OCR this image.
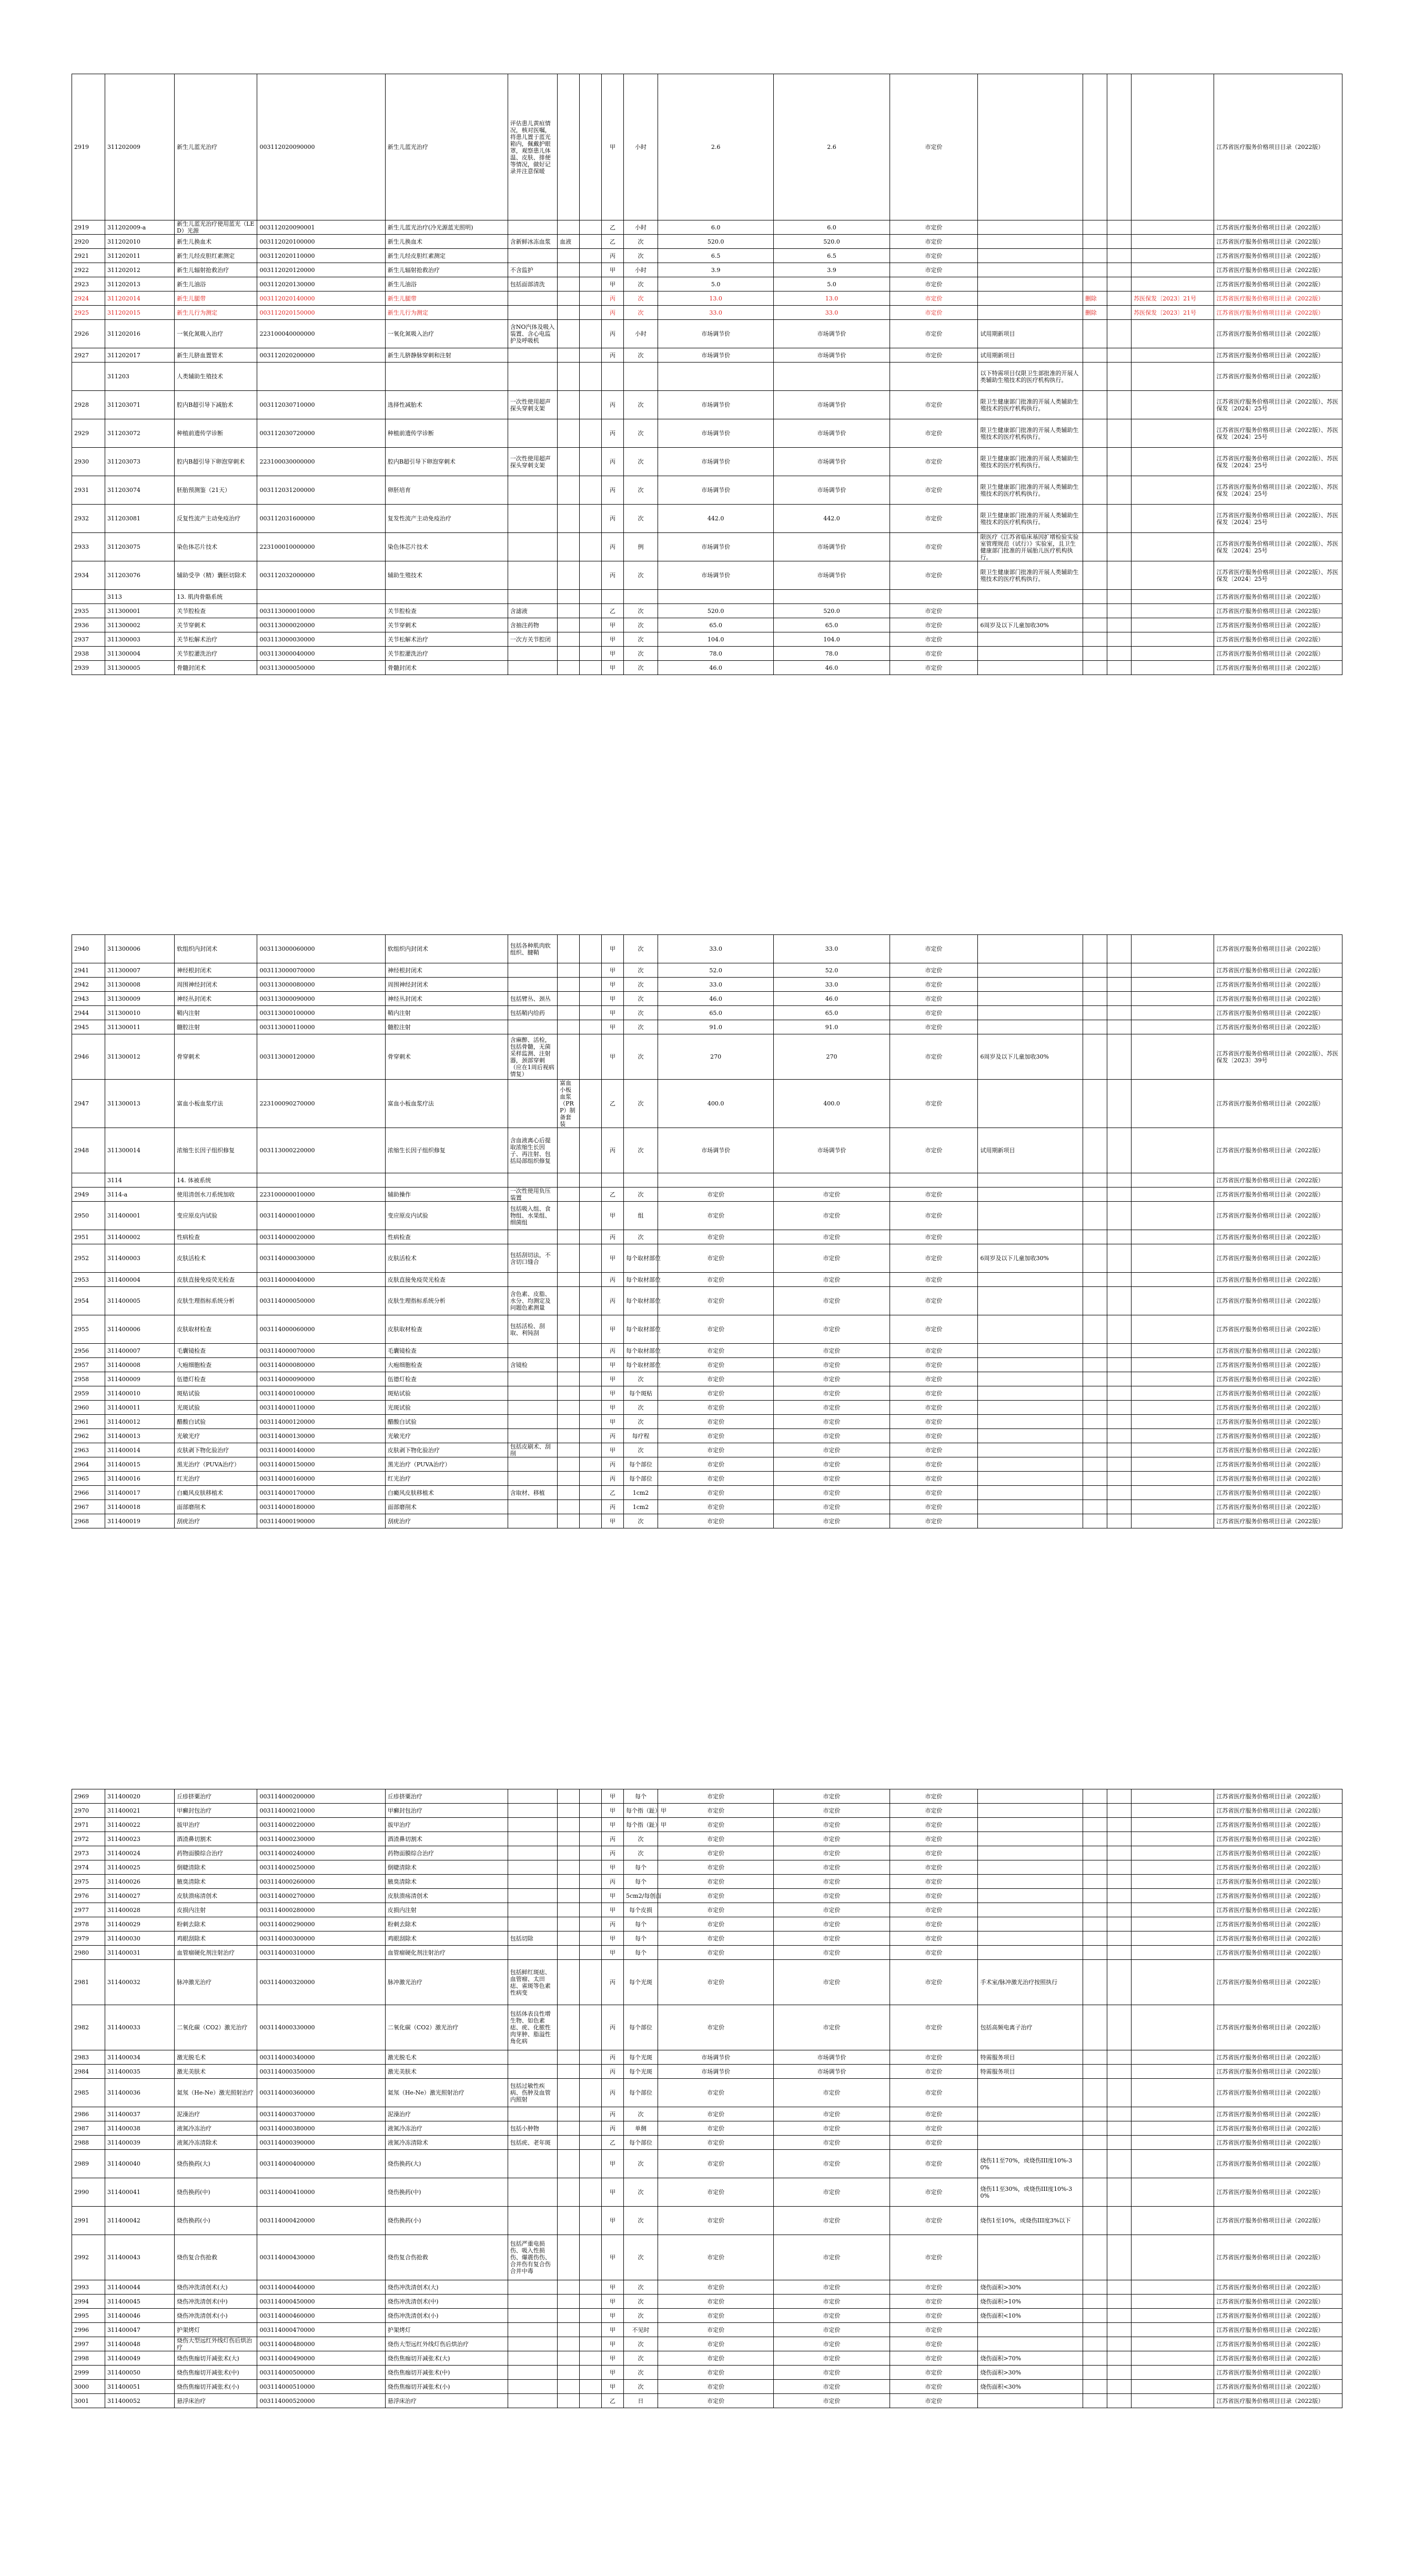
2919	311202009	新生儿蓝光治疗	003112020090000	新生儿蓝光治疗	评估患儿黄疸情况，核对医嘱，将患儿置于蓝光箱内，佩戴护眼罩，观察患儿体温、皮肤、排便等情况，做好记录并注意保暖			甲	小时	2.6	2.6	市定价					江苏省医疗服务价格项目目录（2022版）
2919	311202009-a	新生儿蓝光治疗使用蓝光（LED）光源	003112020090001	新生儿蓝光治疗(冷光源蓝光照明)				乙	小时	6.0	6.0	市定价					江苏省医疗服务价格项目目录（2022版）
2920	311202010	新生儿换血术	003112020100000	新生儿换血术	含新鲜冰冻血浆	血液		乙	次	520.0	520.0	市定价					江苏省医疗服务价格项目目录（2022版）
2921	311202011	新生儿经皮胆红素测定	003112020110000	新生儿经皮胆红素测定				丙	次	6.5	6.5	市定价					江苏省医疗服务价格项目目录（2022版）
2922	311202012	新生儿辐射抢救治疗	003112020120000	新生儿辐射抢救治疗	不含监护			甲	小时	3.9	3.9	市定价					江苏省医疗服务价格项目目录（2022版）
2923	311202013	新生儿油浴	003112020130000	新生儿油浴	包括面部清洗			甲	次	5.0	5.0	市定价					江苏省医疗服务价格项目目录（2022版）
2924	311202014	新生儿腿带	003112020140000	新生儿腿带				丙	次	13.0	13.0	市定价		删除		苏医保发〔2023〕21号	江苏省医疗服务价格项目目录（2022版）
2925	311202015	新生儿行为测定	003112020150000	新生儿行为测定				丙	次	33.0	33.0	市定价		删除		苏医保发〔2023〕21号	江苏省医疗服务价格项目目录（2022版）
2926	311202016	一氧化氮吸入治疗	223100040000000	一氧化氮吸入治疗	含NO汽体及吸入装置、含心电监护及呼吸机			丙	小时	市场调节价	市场调节价	市定价	试用期新项目				江苏省医疗服务价格项目目录（2022版）
2927	311202017	新生儿脐血置管术	003112020200000	新生儿脐静脉穿刺和注射				丙	次	市场调节价	市场调节价	市定价	试用期新项目				江苏省医疗服务价格项目目录（2022版）
	311203	人类辅助生殖技术											以下特需项目仅限卫生部批准的开展人类辅助生殖技术的医疗机构执行。				江苏省医疗服务价格项目目录（2022版）
2928	311203071	腔内B超引导下减胎术	003112030710000	选择性减胎术	一次性使用超声探头穿刺支架			丙	次	市场调节价	市场调节价	市定价	限卫生健康部门批准的开展人类辅助生殖技术的医疗机构执行。				江苏省医疗服务价格项目目录（2022版）、苏医保发〔2024〕25号
2929	311203072	种植前遗传学诊断	003112030720000	种植前遗传学诊断				丙	次	市场调节价	市场调节价	市定价	限卫生健康部门批准的开展人类辅助生殖技术的医疗机构执行。				江苏省医疗服务价格项目目录（2022版）、苏医保发〔2024〕25号
2930	311203073	腔内B超引导下卵泡穿刺术	223100030000000	腔内B超引导下卵泡穿刺术	一次性使用超声探头穿刺支架			丙	次	市场调节价	市场调节价	市定价	限卫生健康部门批准的开展人类辅助生殖技术的医疗机构执行。				江苏省医疗服务价格项目目录（2022版）、苏医保发〔2024〕25号
2931	311203074	胚胎预测鉴（21天）	003112031200000	卵胚培育				丙	次	市场调节价	市场调节价	市定价	限卫生健康部门批准的开展人类辅助生殖技术的医疗机构执行。				江苏省医疗服务价格项目目录（2022版）、苏医保发〔2024〕25号
2932	311203081	反复性流产主动免疫治疗	003112031600000	复发性流产主动免疫治疗				丙	次	442.0	442.0	市定价	限卫生健康部门批准的开展人类辅助生殖技术的医疗机构执行。				江苏省医疗服务价格项目目录（2022版）、苏医保发〔2024〕25号
2933	311203075	染色体芯片技术	223100010000000	染色体芯片技术				丙	例	市场调节价	市场调节价	市定价	限医疗《江苏省临床基因扩增检验实验室管理规范（试行）》实验室，且卫生健康部门批准的开展胎儿医疗机构执行。				江苏省医疗服务价格项目目录（2022版）、苏医保发〔2024〕25号
2934	311203076	辅助受孕（精）囊胚切除术	003112032000000	辅助生殖技术				丙	次	市场调节价	市场调节价	市定价	限卫生健康部门批准的开展人类辅助生殖技术的医疗机构执行。				江苏省医疗服务价格项目目录（2022版）、苏医保发〔2024〕25号
	3113	13. 肌肉骨骼系统															江苏省医疗服务价格项目目录（2022版）
2935	311300001	关节腔检查	003113000010000	关节腔检查	含滤液			乙	次	520.0	520.0	市定价					江苏省医疗服务价格项目目录（2022版）
2936	311300002	关节穿刺术	003113000020000	关节穿刺术	含抽注药物			甲	次	65.0	65.0	市定价	6周岁及以下儿童加收30%				江苏省医疗服务价格项目目录（2022版）
2937	311300003	关节松解术治疗	003113000030000	关节松解术治疗	一次方关节腔闭			甲	次	104.0	104.0	市定价					江苏省医疗服务价格项目目录（2022版）
2938	311300004	关节腔灌洗治疗	003113000040000	关节腔灌洗治疗				甲	次	78.0	78.0	市定价					江苏省医疗服务价格项目目录（2022版）
2939	311300005	骨髓封闭术	003113000050000	骨髓封闭术				甲	次	46.0	46.0	市定价					江苏省医疗服务价格项目目录（2022版）
2940	311300006	软组织内封闭术	003113000060000	软组织内封闭术	包括各种肌肉软组织、腱鞘			甲	次	33.0	33.0	市定价					江苏省医疗服务价格项目目录（2022版）
2941	311300007	神经根封闭术	003113000070000	神经根封闭术				甲	次	52.0	52.0	市定价					江苏省医疗服务价格项目目录（2022版）
2942	311300008	周围神经封闭术	003113000080000	周围神经封闭术				甲	次	33.0	33.0	市定价					江苏省医疗服务价格项目目录（2022版）
2943	311300009	神经丛封闭术	003113000090000	神经丛封闭术	包括臂丛、颈丛			甲	次	46.0	46.0	市定价					江苏省医疗服务价格项目目录（2022版）
2944	311300010	鞘内注射	003113000100000	鞘内注射	包括鞘内给药			甲	次	65.0	65.0	市定价					江苏省医疗服务价格项目目录（2022版）
2945	311300011	髓腔注射	003113000110000	髓腔注射				甲	次	91.0	91.0	市定价					江苏省医疗服务价格项目目录（2022版）
2946	311300012	骨穿刺术	003113000120000	骨穿刺术	含麻醉、活检，包括骨髓，无菌采样监测、注射器，颈部穿刺（应在1周后视病情复）			甲	次	270	270	市定价	6周岁及以下儿童加收30%				江苏省医疗服务价格项目目录（2022版）、苏医保发〔2023〕39号
2947	311300013	富血小板血浆疗法	223100090270000	富血小板血浆疗法		富血小板血浆（PRP）制备套装		乙	次	400.0	400.0	市定价					江苏省医疗服务价格项目目录（2022版）
2948	311300014	浓缩生长因子组织修复	003113000220000	浓缩生长因子组织修复	含血液离心后提取浓缩生长因子、再注射、包括局部组织修复			丙	次	市场调节价	市场调节价	市定价	试用期新项目				江苏省医疗服务价格项目目录（2022版）
	3114	14. 体被系统															江苏省医疗服务价格项目目录（2022版）
2949	3114-a	使用清创水刀系统加收	223100000010000	辅助操作	一次性使用负压装置			乙	次	市定价	市定价	市定价					江苏省医疗服务价格项目目录（2022版）
2950	311400001	变应原皮内试验	003114000010000	变应原皮内试验	包括吸入组、食物组、水果组、细菌组			甲	组	市定价	市定价	市定价					江苏省医疗服务价格项目目录（2022版）
2951	311400002	性病检查	003114000020000	性病检查				丙	次	市定价	市定价	市定价					江苏省医疗服务价格项目目录（2022版）
2952	311400003	皮肤活检术	003114000030000	皮肤活检术	包括刮切法，不含切口缝合			甲	每个取材部位	市定价	市定价	市定价	6周岁及以下儿童加收30%				江苏省医疗服务价格项目目录（2022版）
2953	311400004	皮肤直接免疫荧光检查	003114000040000	皮肤直接免疫荧光检查				丙	每个取材部位	市定价	市定价	市定价					江苏省医疗服务价格项目目录（2022版）
2954	311400005	皮肤生理指标系统分析	003114000050000	皮肤生理指标系统分析	含色素、皮脂、水分、均测定及问题色素测量			丙	每个取材部位	市定价	市定价	市定价					江苏省医疗服务价格项目目录（2022版）
2955	311400006	皮肤取材检查	003114000060000	皮肤取材检查	包括活检、刮取、利钝刮			甲	每个取材部位	市定价	市定价	市定价					江苏省医疗服务价格项目目录（2022版）
2956	311400007	毛囊镜检查	003114000070000	毛囊镜检查				丙	每个取材部位	市定价	市定价	市定价					江苏省医疗服务价格项目目录（2022版）
2957	311400008	大疱细胞检查	003114000080000	大疱细胞检查	含镜检			甲	每个取材部位	市定价	市定价	市定价					江苏省医疗服务价格项目目录（2022版）
2958	311400009	伍德灯检查	003114000090000	伍德灯检查				甲	次	市定价	市定价	市定价					江苏省医疗服务价格项目目录（2022版）
2959	311400010	斑贴试验	003114000100000	斑贴试验				甲	每个斑贴	市定价	市定价	市定价					江苏省医疗服务价格项目目录（2022版）
2960	311400011	光斑试验	003114000110000	光斑试验				甲	次	市定价	市定价	市定价					江苏省医疗服务价格项目目录（2022版）
2961	311400012	醋酸白试验	003114000120000	醋酸白试验				甲	次	市定价	市定价	市定价					江苏省医疗服务价格项目目录（2022版）
2962	311400013	光敏光疗	003114000130000	光敏光疗				丙	每疗程	市定价	市定价	市定价					江苏省医疗服务价格项目目录（2022版）
2963	311400014	皮肤剥下物化验治疗	003114000140000	皮肤剥下物化验治疗	包括皮刷术、刮削			甲	次	市定价	市定价	市定价					江苏省医疗服务价格项目目录（2022版）
2964	311400015	黑光治疗（PUVA治疗）	003114000150000	黑光治疗（PUVA治疗）				丙	每个部位	市定价	市定价	市定价					江苏省医疗服务价格项目目录（2022版）
2965	311400016	红光治疗	003114000160000	红光治疗				丙	每个部位	市定价	市定价	市定价					江苏省医疗服务价格项目目录（2022版）
2966	311400017	白癜风皮肤移植术	003114000170000	白癜风皮肤移植术	含取材、移植			乙	1cm2	市定价	市定价	市定价					江苏省医疗服务价格项目目录（2022版）
2967	311400018	面部磨削术	003114000180000	面部磨削术				丙	1cm2	市定价	市定价	市定价					江苏省医疗服务价格项目目录（2022版）
2968	311400019	刮疣治疗	003114000190000	刮疣治疗				甲	次	市定价	市定价	市定价					江苏省医疗服务价格项目目录（2022版）
2969	311400020	丘疹挤粟治疗	003114000200000	丘疹挤粟治疗				甲	每个	市定价	市定价	市定价					江苏省医疗服务价格项目目录（2022版）
2970	311400021	甲癣封包治疗	003114000210000	甲癣封包治疗				甲	每个指（趾）甲	市定价	市定价	市定价					江苏省医疗服务价格项目目录（2022版）
2971	311400022	拔甲治疗	003114000220000	拔甲治疗				甲	每个指（趾）甲	市定价	市定价	市定价					江苏省医疗服务价格项目目录（2022版）
2972	311400023	酒渣鼻切割术	003114000230000	酒渣鼻切割术				丙	次	市定价	市定价	市定价					江苏省医疗服务价格项目目录（2022版）
2973	311400024	药物面膜综合治疗	003114000240000	药物面膜综合治疗				丙	次	市定价	市定价	市定价					江苏省医疗服务价格项目目录（2022版）
2974	311400025	倒睫清除术	003114000250000	倒睫清除术				甲	每个	市定价	市定价	市定价					江苏省医疗服务价格项目目录（2022版）
2975	311400026	腋臭清除术	003114000260000	腋臭清除术				丙	每个	市定价	市定价	市定价					江苏省医疗服务价格项目目录（2022版）
2976	311400027	皮肤溃疡清创术	003114000270000	皮肤溃疡清创术				甲	5cm2/每创面	市定价	市定价	市定价					江苏省医疗服务价格项目目录（2022版）
2977	311400028	皮损内注射	003114000280000	皮损内注射				甲	每个皮损	市定价	市定价	市定价					江苏省医疗服务价格项目目录（2022版）
2978	311400029	粉刺去除术	003114000290000	粉刺去除术				丙	每个	市定价	市定价	市定价					江苏省医疗服务价格项目目录（2022版）
2979	311400030	鸡眼刮除术	003114000300000	鸡眼刮除术	包括切除			甲	每个	市定价	市定价	市定价					江苏省医疗服务价格项目目录（2022版）
2980	311400031	血管瘤硬化剂注射治疗	003114000310000	血管瘤硬化剂注射治疗				甲	每个	市定价	市定价	市定价					江苏省医疗服务价格项目目录（2022版）
2981	311400032	脉冲激光治疗	003114000320000	脉冲激光治疗	包括鲜红斑痣、血管瘤、太田痣、雀斑等色素性病变			丙	每个光斑	市定价	市定价	市定价	手术室/脉冲激光治疗按照执行				江苏省医疗服务价格项目目录（2022版）
2982	311400033	二氧化碳（CO2）激光治疗	003114000330000	二氧化碳（CO2）激光治疗	包括体表良性增生物、如色素痣、疣、化脓性肉芽肿、脂溢性角化病			丙	每个部位	市定价	市定价	市定价	包括高频电离子治疗				江苏省医疗服务价格项目目录（2022版）
2983	311400034	激光脱毛术	003114000340000	激光脱毛术				丙	每个光斑	市场调节价	市场调节价	市定价	特需服务项目				江苏省医疗服务价格项目目录（2022版）
2984	311400035	激光美肤术	003114000350000	激光美肤术				丙	每个光斑	市场调节价	市场调节价	市定价	特需服务项目				江苏省医疗服务价格项目目录（2022版）
2985	311400036	氦氖（He-Ne）激光照射治疗	003114000360000	氦氖（He-Ne）激光照射治疗	包括过敏性疾病、伤肿及血管内照射			丙	每个部位	市定价	市定价	市定价					江苏省医疗服务价格项目目录（2022版）
2986	311400037	泥澡治疗	003114000370000	泥澡治疗				丙	次	市定价	市定价	市定价					江苏省医疗服务价格项目目录（2022版）
2987	311400038	液氮冷冻治疗	003114000380000	液氮冷冻治疗	包括小肿物			丙	单侧	市定价	市定价	市定价					江苏省医疗服务价格项目目录（2022版）
2988	311400039	液氮冷冻清除术	003114000390000	液氮冷冻清除术	包括疣、老年斑			乙	每个部位	市定价	市定价	市定价					江苏省医疗服务价格项目目录（2022版）
2989	311400040	烧伤换药(大)	003114000400000	烧伤换药(大)				甲	次	市定价	市定价	市定价	烧伤11至70%，或烧伤III度10%-30%				江苏省医疗服务价格项目目录（2022版）
2990	311400041	烧伤换药(中)	003114000410000	烧伤换药(中)				甲	次	市定价	市定价	市定价	烧伤11至30%，或烧伤III度10%-30%				江苏省医疗服务价格项目目录（2022版）
2991	311400042	烧伤换药(小)	003114000420000	烧伤换药(小)				甲	次	市定价	市定价	市定价	烧伤1至10%，或烧伤III度3%以下				江苏省医疗服务价格项目目录（2022版）
2992	311400043	烧伤复合伤抢救	003114000430000	烧伤复合伤抢救	包括严重电损伤、吸入性损伤、爆震伤伤、合并伤有复合伤合并中毒			甲	次	市定价	市定价	市定价					江苏省医疗服务价格项目目录（2022版）
2993	311400044	烧伤冲洗清创术(大)	003114000440000	烧伤冲洗清创术(大)				甲	次	市定价	市定价	市定价	烧伤面积>30%				江苏省医疗服务价格项目目录（2022版）
2994	311400045	烧伤冲洗清创术(中)	003114000450000	烧伤冲洗清创术(中)				甲	次	市定价	市定价	市定价	烧伤面积>10%				江苏省医疗服务价格项目目录（2022版）
2995	311400046	烧伤冲洗清创术(小)	003114000460000	烧伤冲洗清创术(小)				甲	次	市定价	市定价	市定价	烧伤面积<10%				江苏省医疗服务价格项目目录（2022版）
2996	311400047	护架烤灯	003114000470000	护架烤灯				甲	不见时	市定价	市定价	市定价					江苏省医疗服务价格项目目录（2022版）
2997	311400048	烧伤大型远红外线灯伤后烘治疗	003114000480000	烧伤大型远红外线灯伤后烘治疗				甲	次	市定价	市定价	市定价					江苏省医疗服务价格项目目录（2022版）
2998	311400049	烧伤焦痂切开减张术(大)	003114000490000	烧伤焦痂切开减张术(大)				甲	次	市定价	市定价	市定价	烧伤面积>70%				江苏省医疗服务价格项目目录（2022版）
2999	311400050	烧伤焦痂切开减张术(中)	003114000500000	烧伤焦痂切开减张术(中)				甲	次	市定价	市定价	市定价	烧伤面积>30%				江苏省医疗服务价格项目目录（2022版）
3000	311400051	烧伤焦痂切开减张术(小)	003114000510000	烧伤焦痂切开减张术(小)				甲	次	市定价	市定价	市定价	烧伤面积<30%				江苏省医疗服务价格项目目录（2022版）
3001	311400052	悬浮床治疗	003114000520000	悬浮床治疗				乙	日	市定价	市定价	市定价					江苏省医疗服务价格项目目录（2022版）
